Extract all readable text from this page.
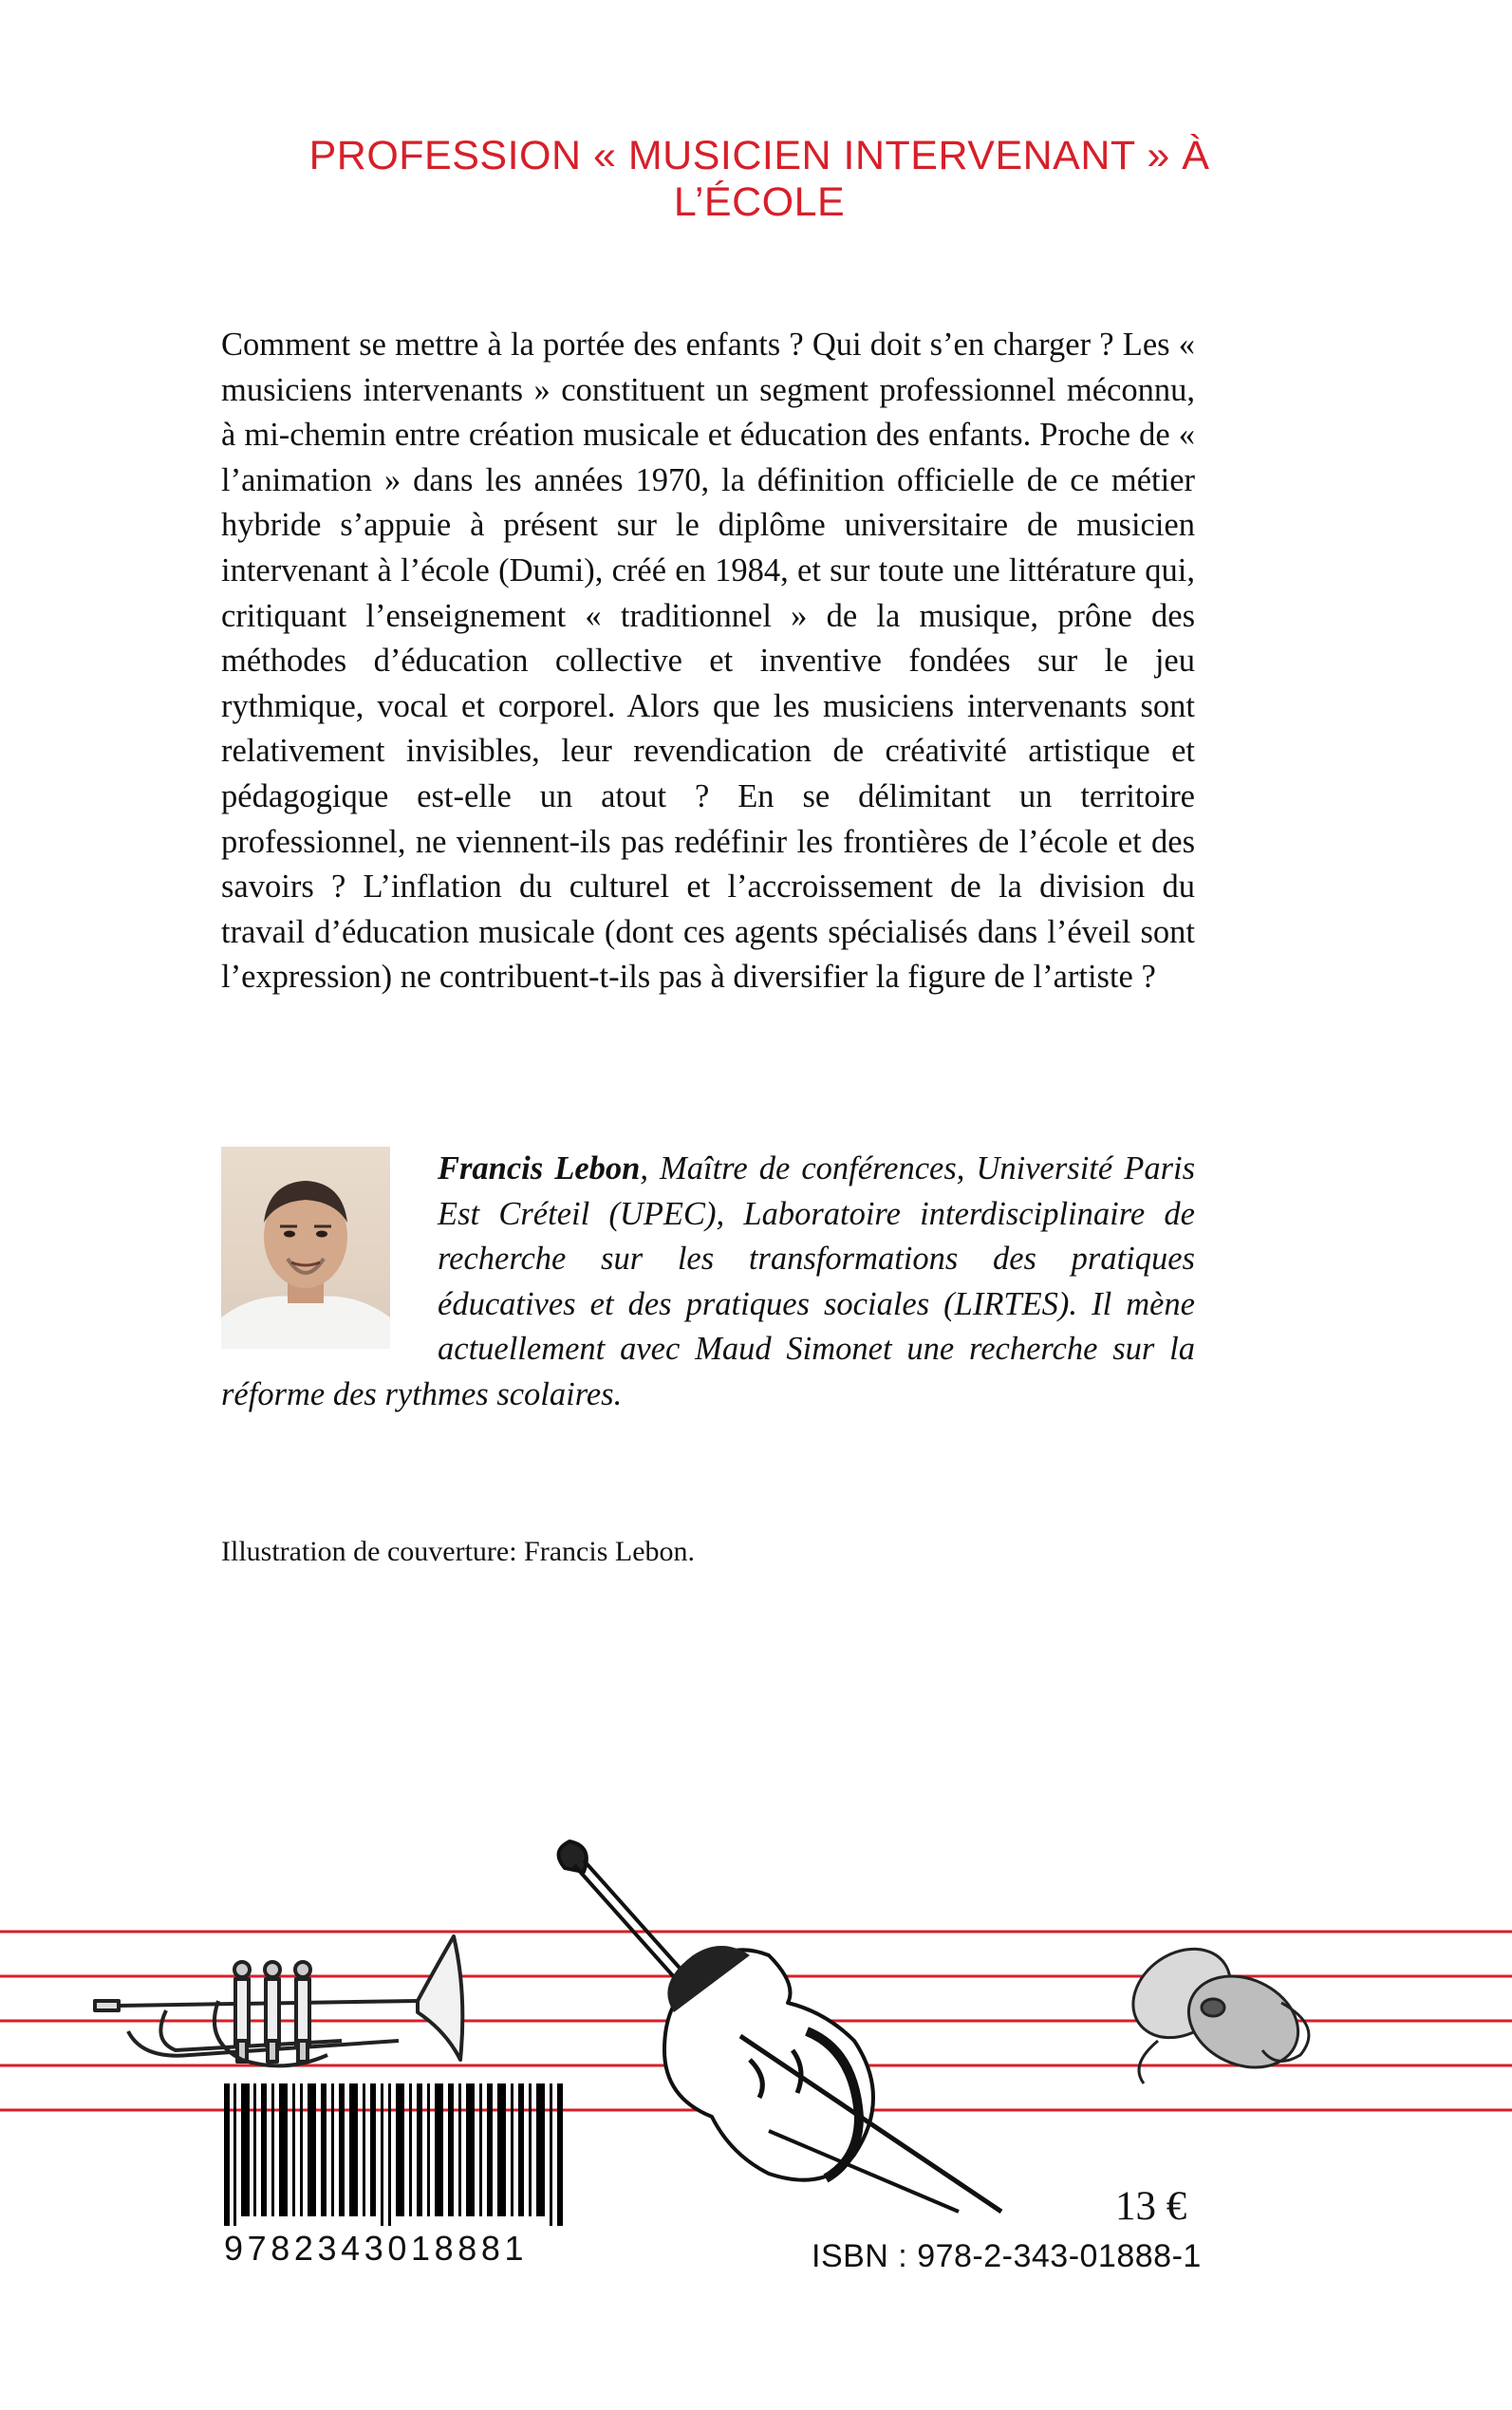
PROFESSION « MUSICIEN INTERVENANT » À L’ÉCOLE

Comment se mettre à la portée des enfants ? Qui doit s’en charger ? Les « musiciens intervenants » constituent un segment professionnel méconnu, à mi-chemin entre création musicale et éducation des enfants. Proche de « l’animation » dans les années 1970, la définition officielle de ce métier hybride s’appuie à présent sur le diplôme universitaire de musicien intervenant à l’école (Dumi), créé en 1984, et sur toute une littérature qui, critiquant l’enseignement « traditionnel » de la musique, prône des méthodes d’éducation collective et inventive fondées sur le jeu rythmique, vocal et corporel. Alors que les musiciens intervenants sont relativement invisibles, leur revendication de créativité artistique et pédagogique est-elle un atout ? En se délimitant un territoire professionnel, ne viennent-ils pas redéfinir les frontières de l’école et des savoirs ? L’inflation du culturel et l’accroissement de la division du travail d’éducation musicale (dont ces agents spécialisés dans l’éveil sont l’expression) ne contribuent-t-ils pas à diversifier la figure de l’artiste ?

Francis Lebon, Maître de conférences, Université Paris Est Créteil (UPEC), Laboratoire interdisciplinaire de recherche sur les transformations des pratiques éducatives et des pratiques sociales (LIRTES). Il mène actuellement avec Maud Simonet une recherche sur la réforme des rythmes scolaires.

Illustration de couverture: Francis Lebon.

9782343018881
13 €
ISBN : 978-2-343-01888-1
